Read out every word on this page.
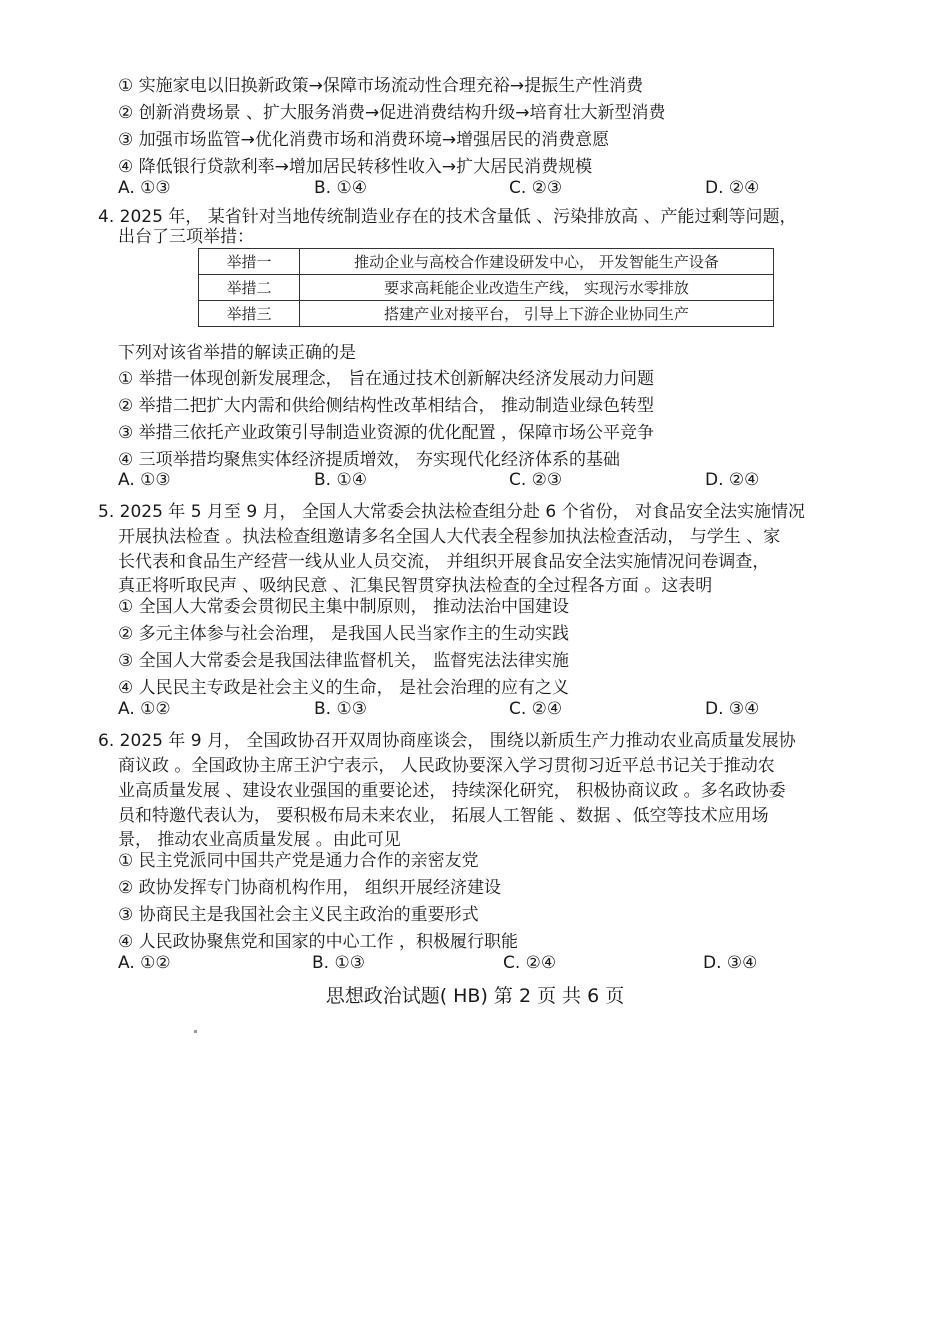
① 实施家电以旧换新政策→保障市场流动性合理充裕→提振生产性消费
② 创新消费场景 、扩大服务消费→促进消费结构升级→培育壮大新型消费
③ 加强市场监管→优化消费市场和消费环境→增强居民的消费意愿
④ 降低银行贷款利率→增加居民转移性收入→扩大居民消费规模
A. ①③	B. ①④	C. ②③	D. ②④
4. 2025 年， 某省针对当地传统制造业存在的技术含量低 、污染排放高 、产能过剩等问题，
出台了三项举措：
举措一	推动企业与高校合作建设研发中心， 开发智能生产设备
举措二	要求高耗能企业改造生产线， 实现污水零排放
举措三	搭建产业对接平台， 引导上下游企业协同生产
下列对该省举措的解读正确的是
① 举措一体现创新发展理念， 旨在通过技术创新解决经济发展动力问题
② 举措二把扩大内需和供给侧结构性改革相结合， 推动制造业绿色转型
③ 举措三依托产业政策引导制造业资源的优化配置 ，保障市场公平竞争
④ 三项举措均聚焦实体经济提质增效， 夯实现代化经济体系的基础
A. ①③	B. ①④	C. ②③	D. ②④
5. 2025 年 5 月至 9 月， 全国人大常委会执法检查组分赴 6 个省份， 对食品安全法实施情况
开展执法检查 。执法检查组邀请多名全国人大代表全程参加执法检查活动， 与学生 、家
长代表和食品生产经营一线从业人员交流， 并组织开展食品安全法实施情况问卷调查，
真正将听取民声 、吸纳民意 、汇集民智贯穿执法检查的全过程各方面 。这表明
① 全国人大常委会贯彻民主集中制原则， 推动法治中国建设
② 多元主体参与社会治理， 是我国人民当家作主的生动实践
③ 全国人大常委会是我国法律监督机关， 监督宪法法律实施
④ 人民民主专政是社会主义的生命， 是社会治理的应有之义
A. ①②	B. ①③	C. ②④	D. ③④
6. 2025 年 9 月， 全国政协召开双周协商座谈会， 围绕以新质生产力推动农业高质量发展协
商议政 。全国政协主席王沪宁表示， 人民政协要深入学习贯彻习近平总书记关于推动农
业高质量发展 、建设农业强国的重要论述， 持续深化研究， 积极协商议政 。多名政协委
员和特邀代表认为， 要积极布局未来农业， 拓展人工智能 、数据 、低空等技术应用场
景， 推动农业高质量发展 。由此可见
① 民主党派同中国共产党是通力合作的亲密友党
② 政协发挥专门协商机构作用， 组织开展经济建设
③ 协商民主是我国社会主义民主政治的重要形式
④ 人民政协聚焦党和国家的中心工作 ，积极履行职能
A. ①②	B. ①③	C. ②④	D. ③④
思想政治试题( HB) 第 2 页 共 6 页
